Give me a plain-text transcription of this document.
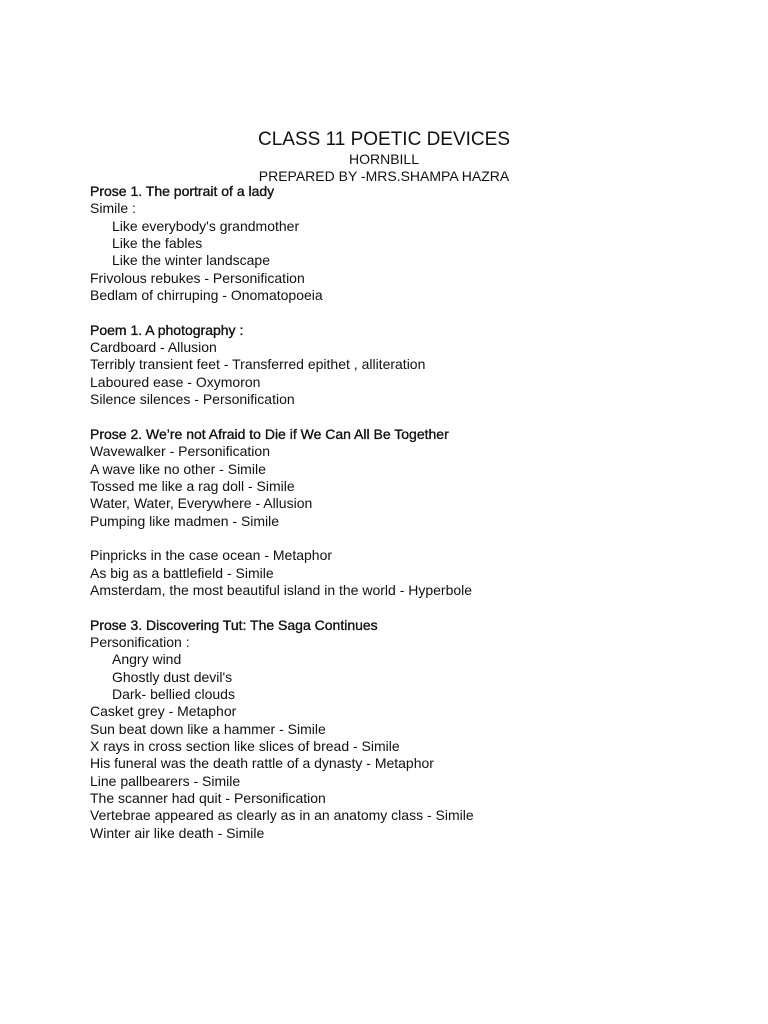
CLASS 11 POETIC DEVICES
HORNBILL
PREPARED BY -MRS.SHAMPA HAZRA
Prose 1. The portrait of a lady
Simile :
Like everybody's grandmother
Like the fables
Like the winter landscape
Frivolous rebukes - Personification
Bedlam of chirruping - Onomatopoeia
Poem 1. A photography :
Cardboard - Allusion
Terribly transient feet - Transferred epithet , alliteration
Laboured ease - Oxymoron
Silence silences - Personification
Prose 2. We’re not Afraid to Die if We Can All Be Together
Wavewalker - Personification
A wave like no other - Simile
Tossed me like a rag doll - Simile
Water, Water, Everywhere - Allusion
Pumping like madmen - Simile
Pinpricks in the case ocean - Metaphor
As big as a battlefield - Simile
Amsterdam, the most beautiful island in the world - Hyperbole
Prose 3. Discovering Tut: The Saga Continues
Personification :
Angry wind
Ghostly dust devil's
Dark- bellied clouds
Casket grey - Metaphor
Sun beat down like a hammer - Simile
X rays in cross section like slices of bread - Simile
His funeral was the death rattle of a dynasty - Metaphor
Line pallbearers - Simile
The scanner had quit - Personification
Vertebrae appeared as clearly as in an anatomy class - Simile
Winter air like death - Simile
